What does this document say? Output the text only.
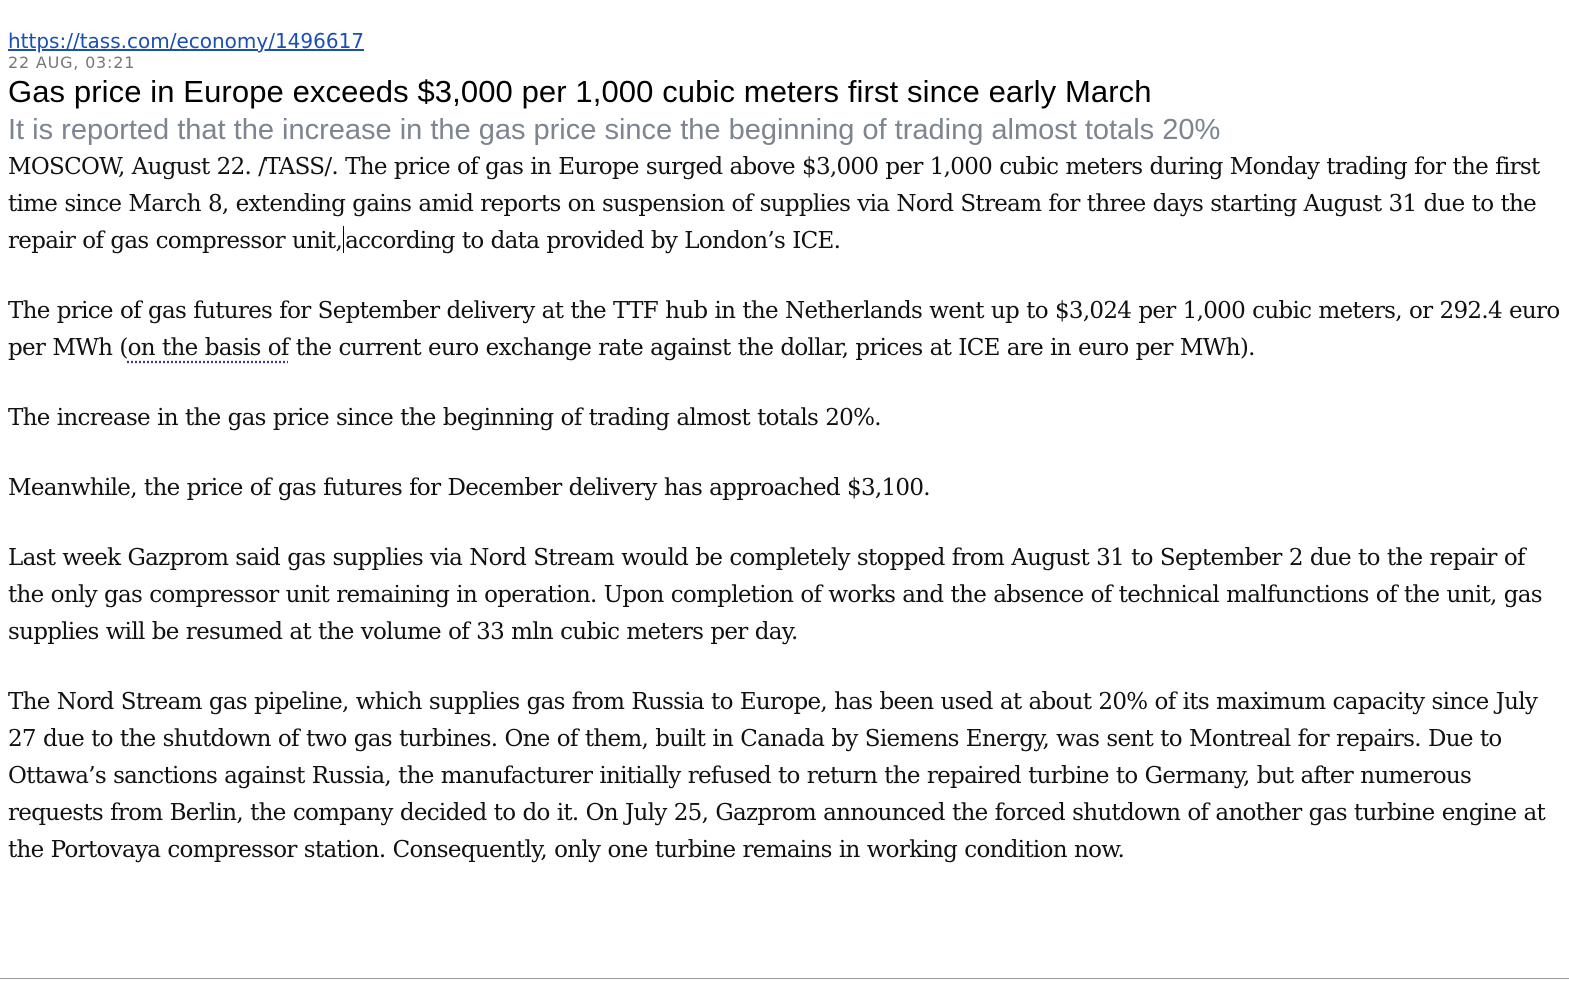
https://tass.com/economy/1496617
22 AUG, 03:21
Gas price in Europe exceeds $3,000 per 1,000 cubic meters first since early March
It is reported that the increase in the gas price since the beginning of trading almost totals 20%

MOSCOW, August 22. /TASS/. The price of gas in Europe surged above $3,000 per 1,000 cubic meters during Monday trading for the first time since March 8, extending gains amid reports on suspension of supplies via Nord Stream for three days starting August 31 due to the repair of gas compressor unit, according to data provided by London’s ICE.

The price of gas futures for September delivery at the TTF hub in the Netherlands went up to $3,024 per 1,000 cubic meters, or 292.4 euro per MWh (on the basis of the current euro exchange rate against the dollar, prices at ICE are in euro per MWh).

The increase in the gas price since the beginning of trading almost totals 20%.

Meanwhile, the price of gas futures for December delivery has approached $3,100.

Last week Gazprom said gas supplies via Nord Stream would be completely stopped from August 31 to September 2 due to the repair of the only gas compressor unit remaining in operation. Upon completion of works and the absence of technical malfunctions of the unit, gas supplies will be resumed at the volume of 33 mln cubic meters per day.

The Nord Stream gas pipeline, which supplies gas from Russia to Europe, has been used at about 20% of its maximum capacity since July 27 due to the shutdown of two gas turbines. One of them, built in Canada by Siemens Energy, was sent to Montreal for repairs. Due to Ottawa’s sanctions against Russia, the manufacturer initially refused to return the repaired turbine to Germany, but after numerous requests from Berlin, the company decided to do it. On July 25, Gazprom announced the forced shutdown of another gas turbine engine at the Portovaya compressor station. Consequently, only one turbine remains in working condition now.
